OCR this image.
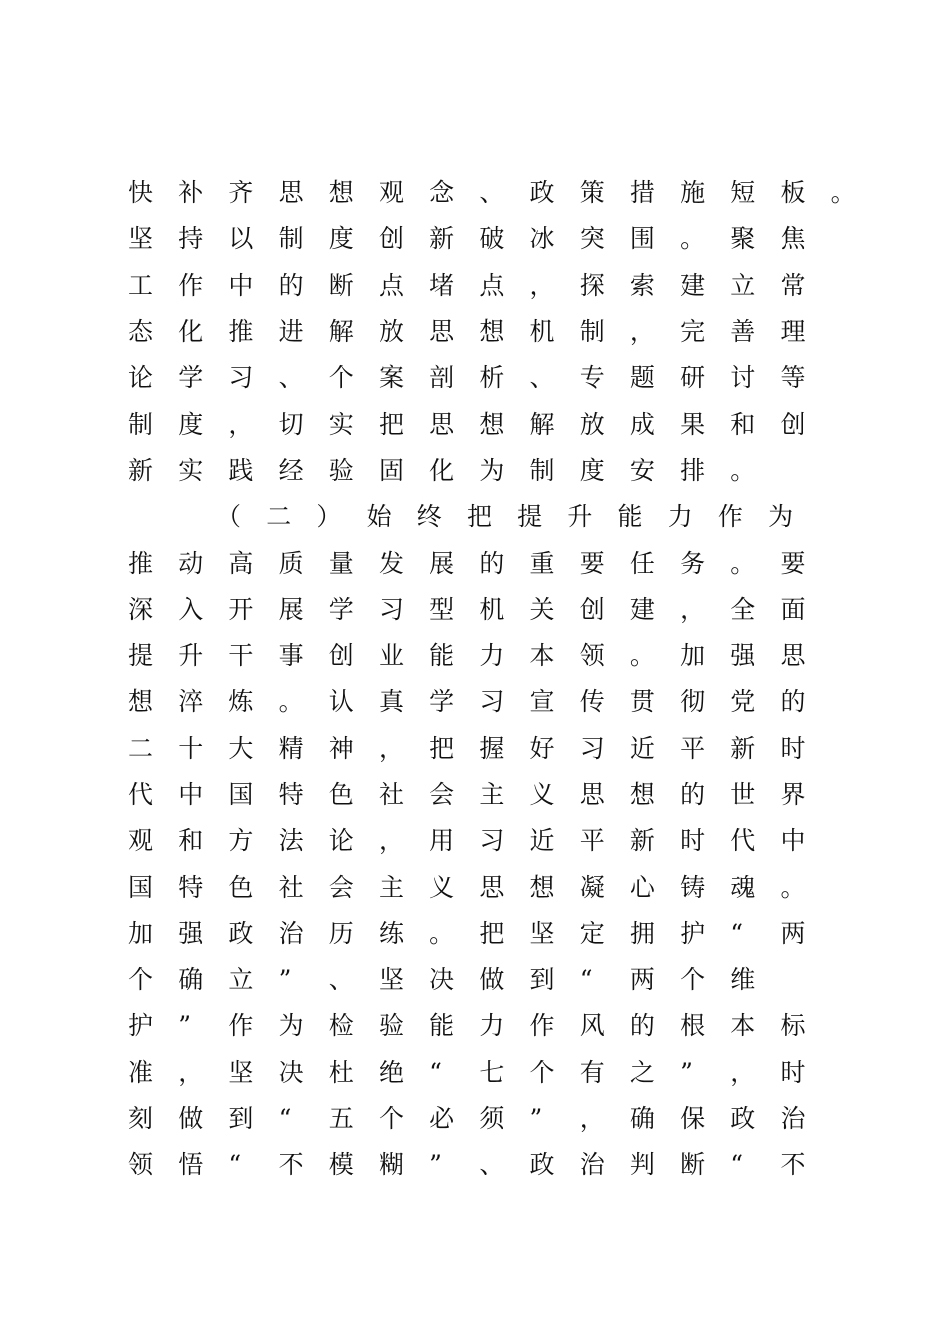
快	补	齐	思	想	观	念	、	政	策	措	施	短	板	。
坚	持	以	制	度	创	新	破	冰	突	围	。	聚	焦
工	作	中	的	断	点	堵	点	，	探	索	建	立	常
态	化	推	进	解	放	思	想	机	制	，	完	善	理
论	学	习	、	个	案	剖	析	、	专	题	研	讨	等
制	度	，	切	实	把	思	想	解	放	成	果	和	创
新	实	践	经	验	固	化	为	制	度	安	排	。
（	二	）	始	终	把	提	升	能	力	作	为
推	动	高	质	量	发	展	的	重	要	任	务	。	要
深	入	开	展	学	习	型	机	关	创	建	，	全	面
提	升	干	事	创	业	能	力	本	领	。	加	强	思
想	淬	炼	。	认	真	学	习	宣	传	贯	彻	党	的
二	十	大	精	神	，	把	握	好	习	近	平	新	时
代	中	国	特	色	社	会	主	义	思	想	的	世	界
观	和	方	法	论	，	用	习	近	平	新	时	代	中
国	特	色	社	会	主	义	思	想	凝	心	铸	魂	。
加	强	政	治	历	练	。	把	坚	定	拥	护	“	两
个	确	立	”	、	坚	决	做	到	“	两	个	维
护	”	作	为	检	验	能	力	作	风	的	根	本	标
准	，	坚	决	杜	绝	“	七	个	有	之	”	，	时
刻	做	到	“	五	个	必	须	”	，	确	保	政	治
领	悟	“	不	模	糊	”	、	政	治	判	断	“	不
